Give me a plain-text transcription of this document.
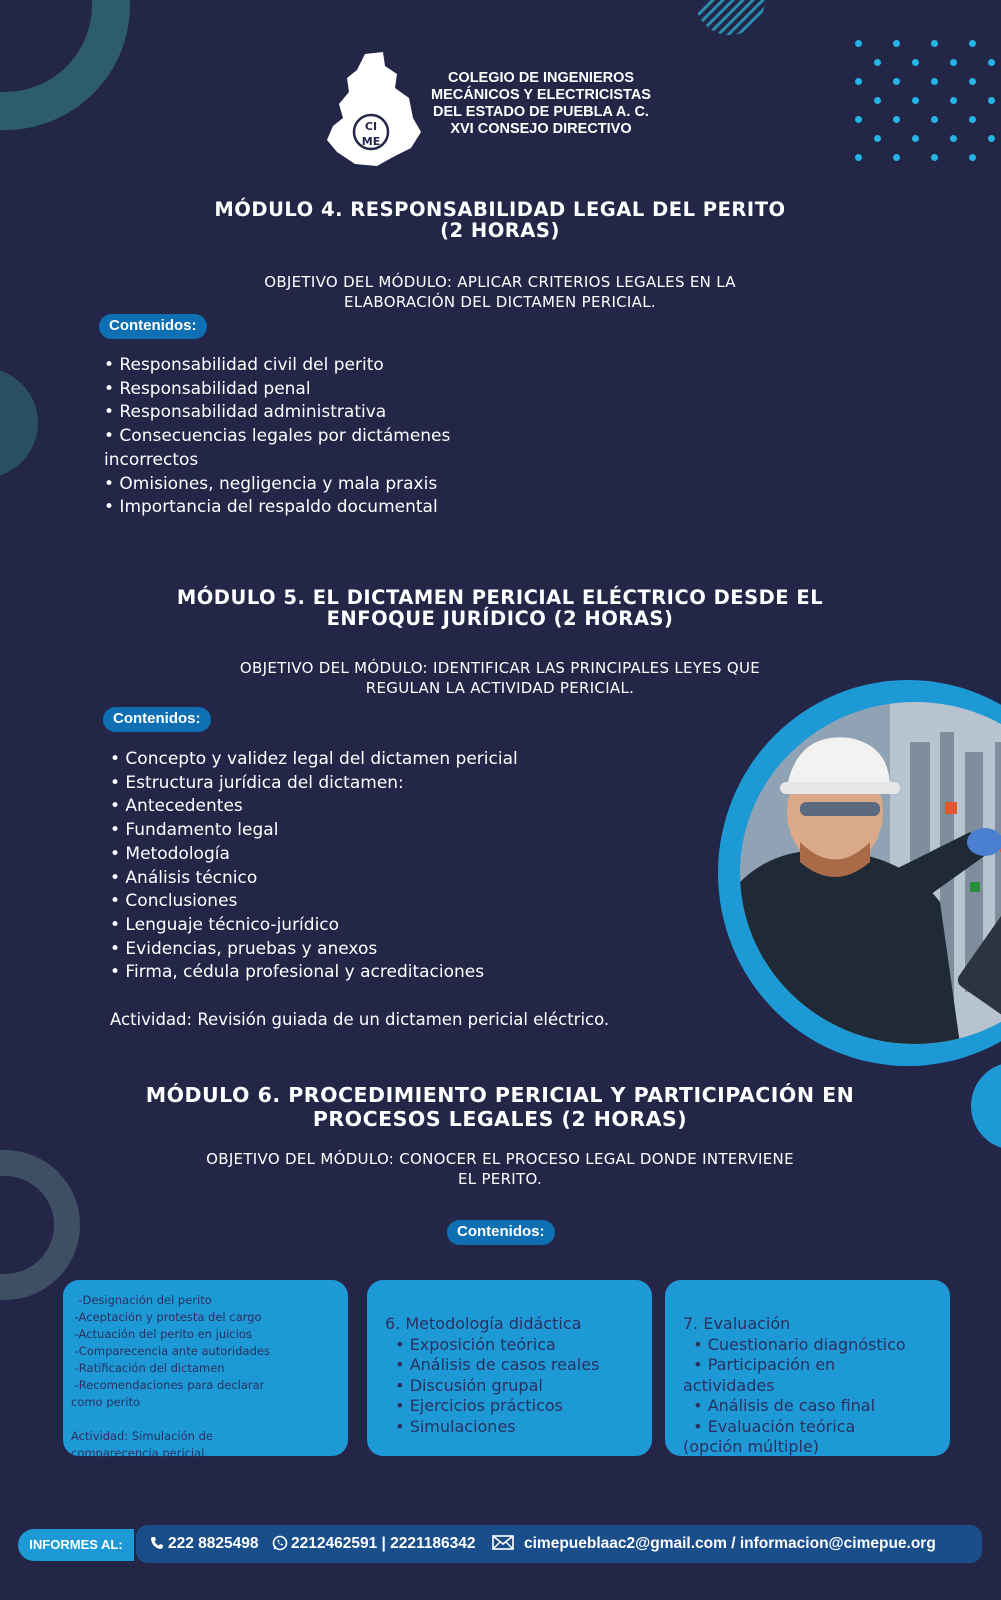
CI
ME
COLEGIO DE INGENIEROS
MECÁNICOS Y ELECTRICISTAS
DEL ESTADO DE PUEBLA A. C.
XVI CONSEJO DIRECTIVO
MÓDULO 4. RESPONSABILIDAD LEGAL DEL PERITO
(2 HORAS)
OBJETIVO DEL MÓDULO: APLICAR CRITERIOS LEGALES EN LA
ELABORACIÓN DEL DICTAMEN PERICIAL.
Contenidos:
• Responsabilidad civil del perito
• Responsabilidad penal
• Responsabilidad administrativa
• Consecuencias legales por dictámenes
incorrectos
• Omisiones, negligencia y mala praxis
• Importancia del respaldo documental
MÓDULO 5. EL DICTAMEN PERICIAL ELÉCTRICO DESDE EL
ENFOQUE JURÍDICO (2 HORAS)
OBJETIVO DEL MÓDULO: IDENTIFICAR LAS PRINCIPALES LEYES QUE
REGULAN LA ACTIVIDAD PERICIAL.
Contenidos:
• Concepto y validez legal del dictamen pericial
• Estructura jurídica del dictamen:
• Antecedentes
• Fundamento legal
• Metodología
• Análisis técnico
• Conclusiones
• Lenguaje técnico-jurídico
• Evidencias, pruebas y anexos
• Firma, cédula profesional y acreditaciones
Actividad: Revisión guiada de un dictamen pericial eléctrico.
MÓDULO 6. PROCEDIMIENTO PERICIAL Y PARTICIPACIÓN EN
PROCESOS LEGALES (2 HORAS)
OBJETIVO DEL MÓDULO: CONOCER EL PROCESO LEGAL DONDE INTERVIENE
EL PERITO.
Contenidos:
-Designación del perito
-Aceptación y protesta del cargo
-Actuación del perito en juicios
-Comparecencia ante autoridades
-Ratificación del dictamen
-Recomendaciones para declarar
como perito
Actividad: Simulación de
comparecencia pericial.
6. Metodología didáctica
• Exposición teórica
• Análisis de casos reales
• Discusión grupal
• Ejercicios prácticos
• Simulaciones
7. Evaluación
• Cuestionario diagnóstico
• Participación en
actividades
• Análisis de caso final
• Evaluación teórica
(opción múltiple)
INFORMES AL:	222 8825498 2212462591 | 2221186342	cimepueblaac2@gmail.com / informacion@cimepue.org
